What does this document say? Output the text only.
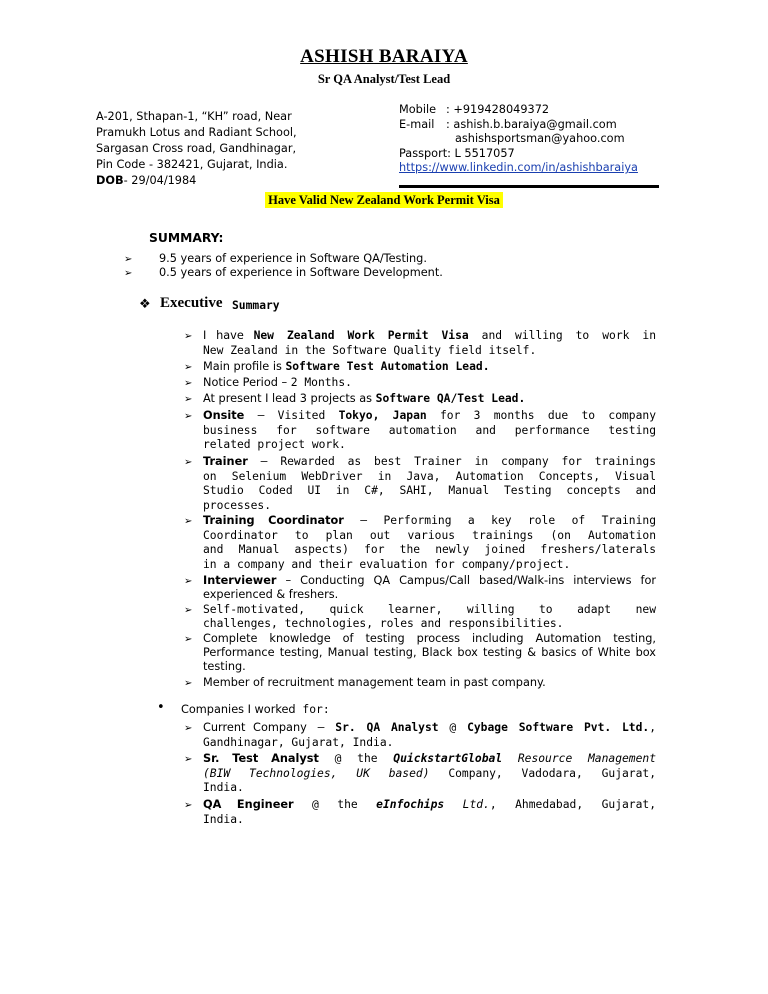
ASHISH BARAIYA
Sr QA Analyst/Test Lead
A-201, Sthapan-1, “KH” road, Near
Pramukh Lotus and Radiant School,
Sargasan Cross road, Gandhinagar,
Pin Code - 382421, Gujarat, India.
DOB- 29/04/1984
Mobile : +919428049372
E-mail : ashish.b.baraiya@gmail.com
ashishsportsman@yahoo.com
Passport: L 5517057
https://www.linkedin.com/in/ashishbaraiya
Have Valid New Zealand Work Permit Visa
SUMMARY:
➢ 9.5 years of experience in Software QA/Testing.
➢ 0.5 years of experience in Software Development.
❖ Executive Summary
➢ I have New Zealand Work Permit Visa and willing to work in
New Zealand in the Software Quality field itself.
➢ Main profile is Software Test Automation Lead.
➢ Notice Period – 2 Months.
➢ At present I lead 3 projects as Software QA/Test Lead.
➢ Onsite – Visited Tokyo, Japan for 3 months due to company
business for software automation and performance testing
related project work.
➢ Trainer – Rewarded as best Trainer in company for trainings
on Selenium WebDriver in Java, Automation Concepts, Visual
Studio Coded UI in C#, SAHI, Manual Testing concepts and
processes.
➢ Training Coordinator – Performing a key role of Training
Coordinator to plan out various trainings (on Automation
and Manual aspects) for the newly joined freshers/laterals
in a company and their evaluation for company/project.
➢ Interviewer – Conducting QA Campus/Call based/Walk-ins interviews for
experienced & freshers.
➢ Self-motivated, quick learner, willing to adapt new
challenges, technologies, roles and responsibilities.
➢ Complete knowledge of testing process including Automation testing,
Performance testing, Manual testing, Black box testing & basics of White box
testing.
➢ Member of recruitment management team in past company.
• Companies I worked for:
➢ Current Company – Sr. QA Analyst @ Cybage Software Pvt. Ltd.,
Gandhinagar, Gujarat, India.
➢ Sr. Test Analyst @ the QuickstartGlobal Resource Management
(BIW Technologies, UK based) Company, Vadodara, Gujarat,
India.
➢ QA Engineer @ the eInfochips Ltd., Ahmedabad, Gujarat,
India.
